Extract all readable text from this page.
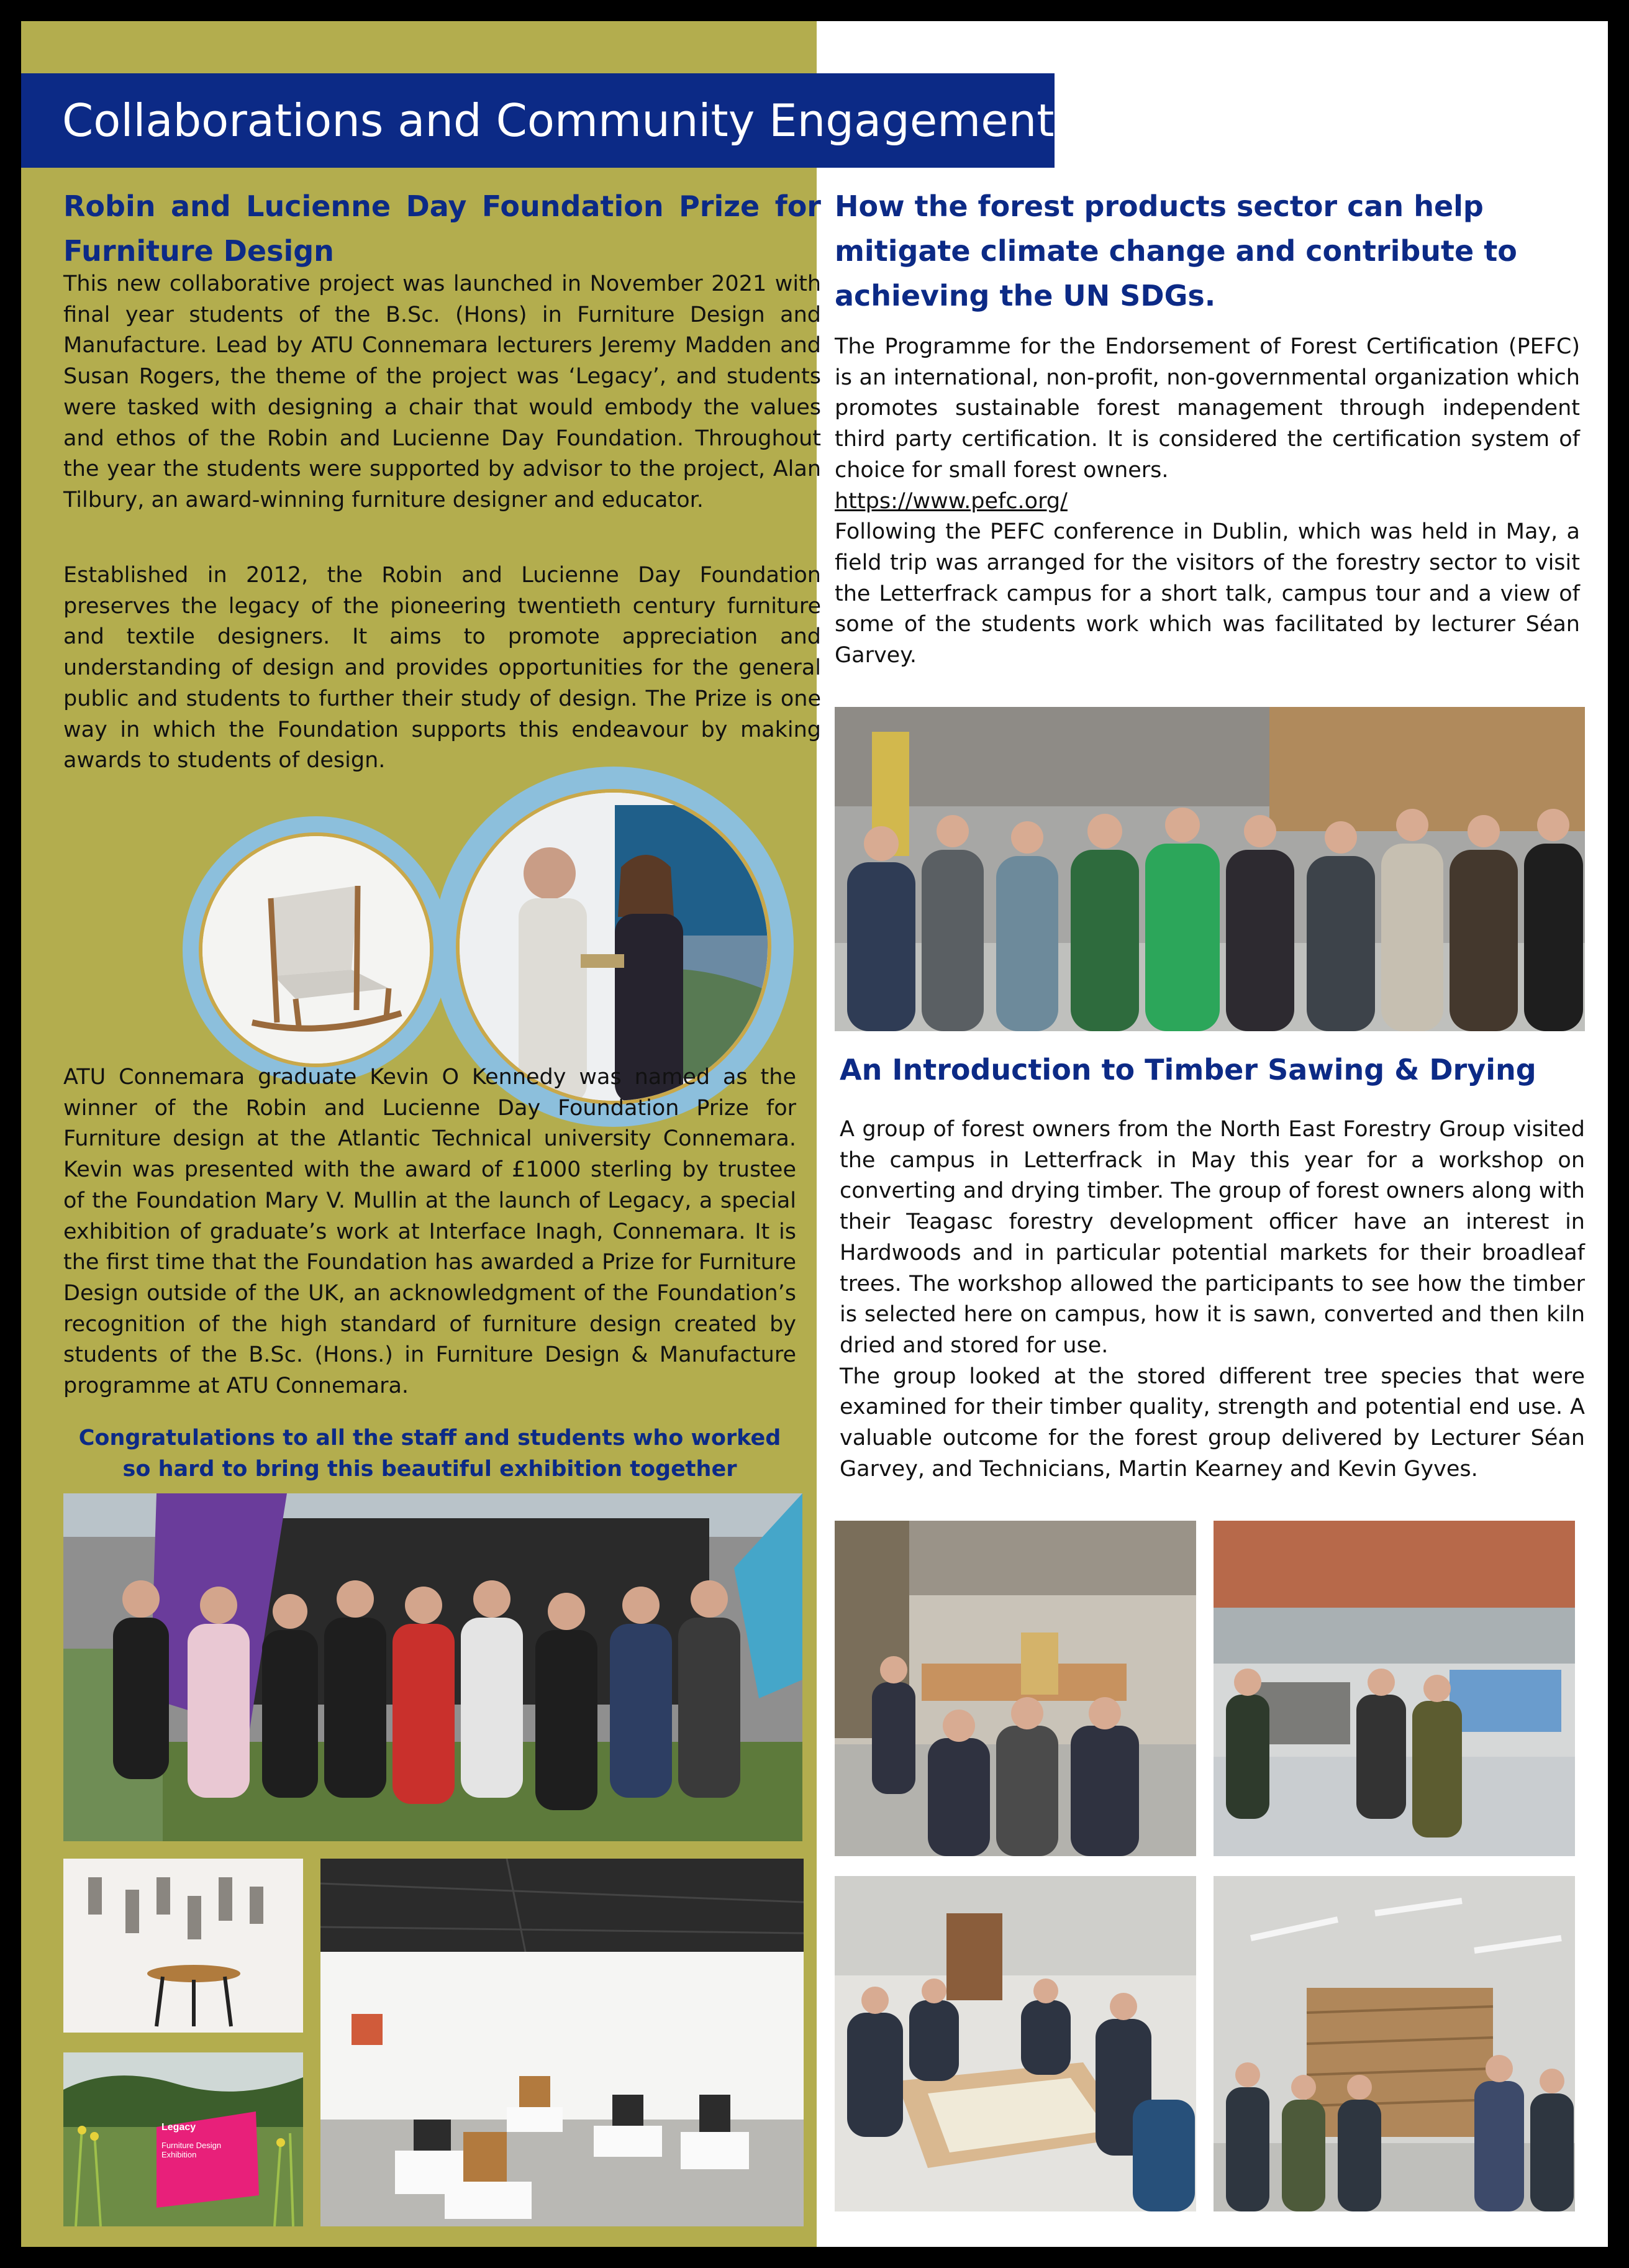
Collaborations and Community Engagement
Robin and Lucienne Day Foundation Prize for Furniture Design

This new collaborative project was launched in November 2021 with final year students of the B.Sc. (Hons) in Furniture Design and Manufacture. Lead by ATU Connemara lecturers Jeremy Madden and Susan Rogers, the theme of the project was ‘Legacy’, and students were tasked with designing a chair that would embody the values and ethos of the Robin and Lucienne Day Foundation. Throughout the year the students were supported by advisor to the project, Alan Tilbury, an award-winning furniture designer and educator.

Established in 2012, the Robin and Lucienne Day Foundation preserves the legacy of the pioneering twentieth century furniture and textile designers. It aims to promote appreciation and understanding of design and provides opportunities for the general public and students to further their study of design. The Prize is one way in which the Foundation supports this endeavour by making awards to students of design.

ATU Connemara graduate Kevin O Kennedy was named as the winner of the Robin and Lucienne Day Foundation Prize for Furniture design at the Atlantic Technical university Connemara. Kevin was presented with the award of £1000 sterling by trustee of the Foundation Mary V. Mullin at the launch of Legacy, a special exhibition of graduate’s work at Interface Inagh, Connemara. It is the first time that the Foundation has awarded a Prize for Furniture Design outside of the UK, an acknowledgment of the Foundation’s recognition of the high standard of furniture design created by students of the B.Sc. (Hons.) in Furniture Design & Manufacture programme at ATU Connemara.

Congratulations to all the staff and students who worked so hard to bring this beautiful exhibition together
Legacy
Furniture Design
Exhibition
How the forest products sector can help mitigate climate change and contribute to achieving the UN SDGs.

The Programme for the Endorsement of Forest Certification (PEFC) is an international, non-profit, non-governmental organization which promotes sustainable forest management through independent third party certification. It is considered the certification system of choice for small forest owners.

https://www.pefc.org/

Following the PEFC conference in Dublin, which was held in May, a field trip was arranged for the visitors of the forestry sector to visit the Letterfrack campus for a short talk, campus tour and a view of some of the students work which was facilitated by lecturer Séan Garvey.

An Introduction to Timber Sawing & Drying

A group of forest owners from the North East Forestry Group visited the campus in Letterfrack in May this year for a workshop on converting and drying timber. The group of forest owners along with their Teagasc forestry development officer have an interest in Hardwoods and in particular potential markets for their broadleaf trees. The workshop allowed the participants to see how the timber is selected here on campus, how it is sawn, converted and then kiln dried and stored for use.

The group looked at the stored different tree species that were examined for their timber quality, strength and potential end use. A valuable outcome for the forest group delivered by Lecturer Séan Garvey, and Technicians, Martin Kearney and Kevin Gyves.
